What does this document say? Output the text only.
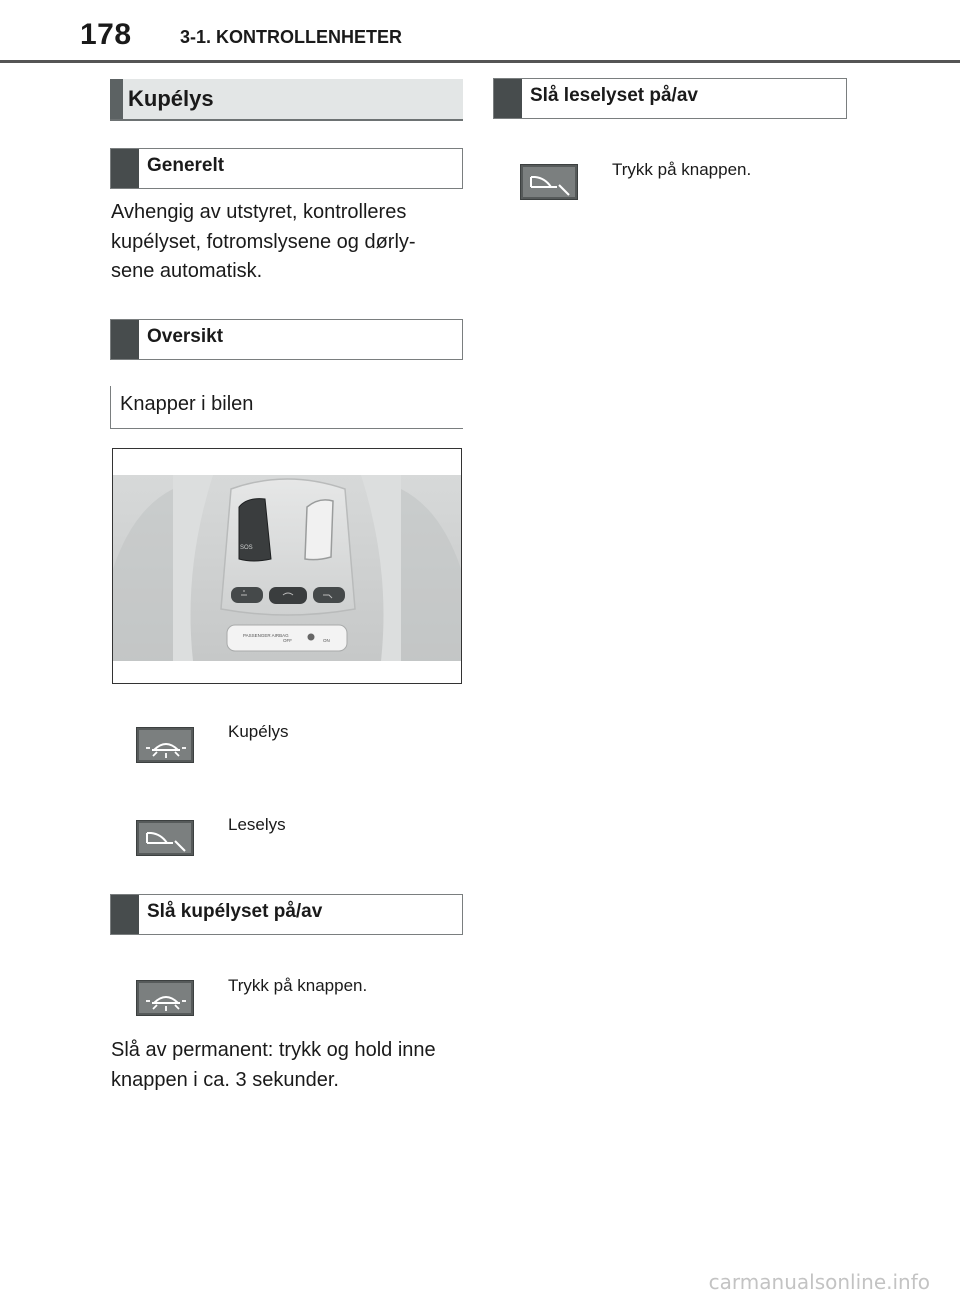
178	3-1. KONTROLLENHETER
Kupélys
Generelt
Avhengig av utstyret, kontrolleres
kupélyset, fotromslysene og dørly-
sene automatisk.
Oversikt
Knapper i bilen
SOS
PASSENGER AIRBAG
OFF	ON
Kupélys
Leselys
Slå kupélyset på/av
Trykk på knappen.
Slå av permanent: trykk og hold inne
knappen i ca. 3 sekunder.
Slå leselyset på/av
Trykk på knappen.
carmanualsonline.info
